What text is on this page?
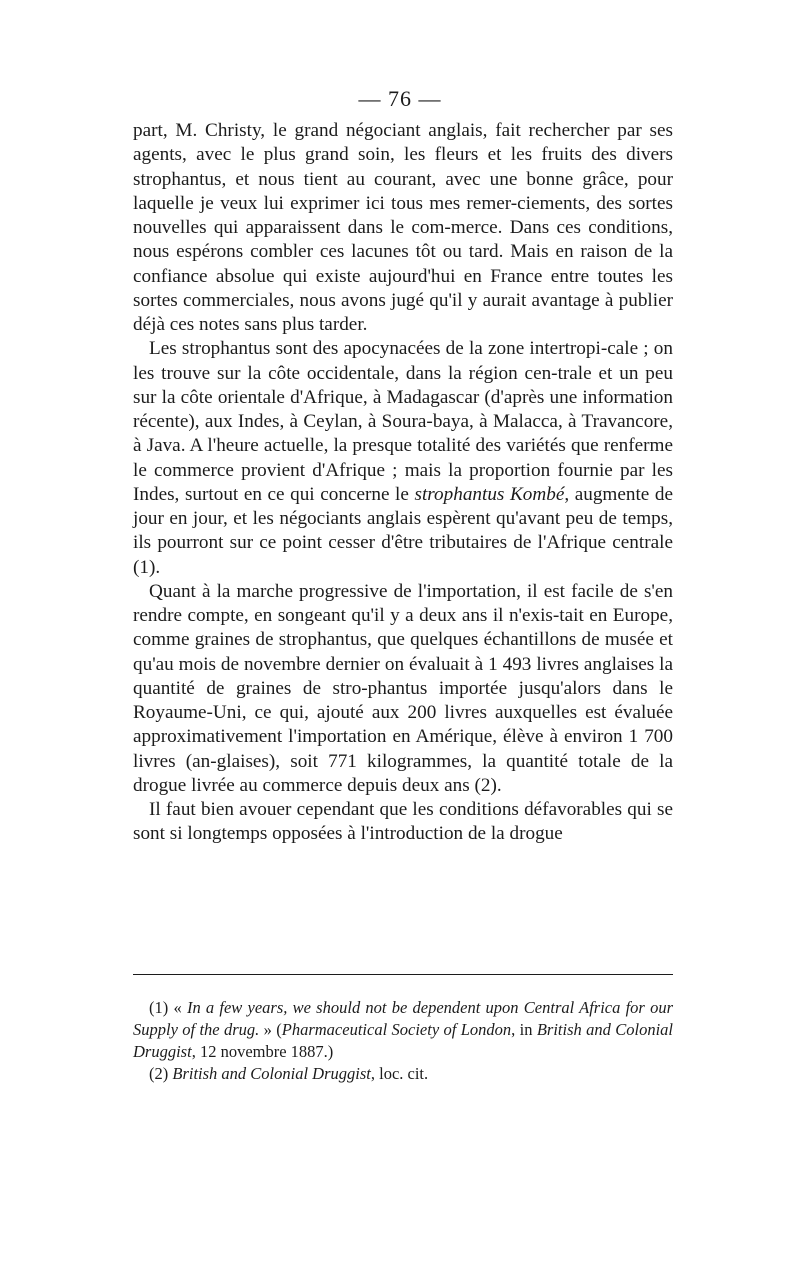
— 76 —

part, M. Christy, le grand négociant anglais, fait rechercher par ses agents, avec le plus grand soin, les fleurs et les fruits des divers strophantus, et nous tient au courant, avec une bonne grâce, pour laquelle je veux lui exprimer ici tous mes remer-ciements, des sortes nouvelles qui apparaissent dans le com-merce. Dans ces conditions, nous espérons combler ces lacunes tôt ou tard. Mais en raison de la confiance absolue qui existe aujourd'hui en France entre toutes les sortes commerciales, nous avons jugé qu'il y aurait avantage à publier déjà ces notes sans plus tarder.

Les strophantus sont des apocynacées de la zone intertropi-cale ; on les trouve sur la côte occidentale, dans la région cen-trale et un peu sur la côte orientale d'Afrique, à Madagascar (d'après une information récente), aux Indes, à Ceylan, à Soura-baya, à Malacca, à Travancore, à Java. A l'heure actuelle, la presque totalité des variétés que renferme le commerce provient d'Afrique ; mais la proportion fournie par les Indes, surtout en ce qui concerne le strophantus Kombé, augmente de jour en jour, et les négociants anglais espèrent qu'avant peu de temps, ils pourront sur ce point cesser d'être tributaires de l'Afrique centrale (1).

Quant à la marche progressive de l'importation, il est facile de s'en rendre compte, en songeant qu'il y a deux ans il n'exis-tait en Europe, comme graines de strophantus, que quelques échantillons de musée et qu'au mois de novembre dernier on évaluait à 1 493 livres anglaises la quantité de graines de stro-phantus importée jusqu'alors dans le Royaume-Uni, ce qui, ajouté aux 200 livres auxquelles est évaluée approximativement l'importation en Amérique, élève à environ 1 700 livres (an-glaises), soit 771 kilogrammes, la quantité totale de la drogue livrée au commerce depuis deux ans (2).

Il faut bien avouer cependant que les conditions défavorables qui se sont si longtemps opposées à l'introduction de la drogue

(1) « In a few years, we should not be dependent upon Central Africa for our Supply of the drug. » (Pharmaceutical Society of London, in British and Colonial Druggist, 12 novembre 1887.)

(2) British and Colonial Druggist, loc. cit.
